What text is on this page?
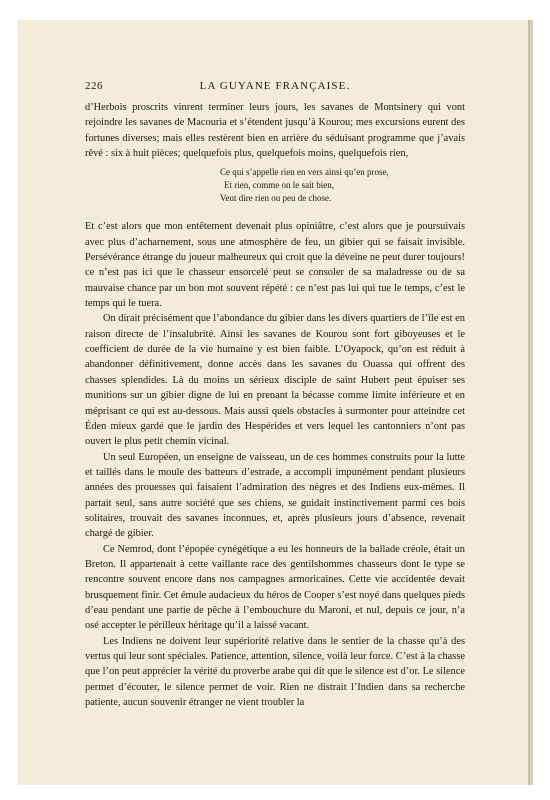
226	LA GUYANE FRANÇAISE.

d’Herbois proscrits vinrent terminer leurs jours, les savanes de Montsinery qui vont rejoindre les savanes de Macouria et s’étendent jusqu’à Kourou; mes excursions eurent des fortunes diverses; mais elles restèrent bien en arrière du séduisant programme que j’avais rêvé : six à huit pièces; quelquefois plus, quelquefois moins, quelquefois rien,

Ce qui s’appelle rien en vers ainsi qu’en prose,
Et rien, comme on le sait bien,
Veut dire rien ou peu de chose.

Et c’est alors que mon entêtement devenait plus opiniâtre, c’est alors que je poursuivais avec plus d’acharnement, sous une atmosphère de feu, un gibier qui se faisait invisible. Persévérance étrange du joueur malheureux qui croit que la déveine ne peut durer toujours! ce n’est pas ici que le chasseur ensorcelé peut se consoler de sa maladresse ou de sa mauvaise chance par un bon mot souvent répété : ce n’est pas lui qui tue le temps, c’est le temps qui le tuera.

On dirait précisément que l’abondance du gibier dans les divers quartiers de l’île est en raison directe de l’insalubrité. Ainsi les savanes de Kourou sont fort giboyeuses et le coefficient de durée de la vie humaine y est bien faible. L’Oyapock, qu’on est réduit à abandonner définitivement, donne accès dans les savanes du Ouassa qui offrent des chasses splendides. Là du moins un sérieux disciple de saint Hubert peut épuiser ses munitions sur un gibier digne de lui en prenant la bécasse comme limite inférieure et en méprisant ce qui est au-dessous. Mais aussi quels obstacles à surmonter pour atteindre cet Éden mieux gardé que le jardin des Hespérides et vers lequel les cantonniers n’ont pas ouvert le plus petit chemin vicinal.

Un seul Européen, un enseigne de vaisseau, un de ces hommes construits pour la lutte et taillés dans le moule des batteurs d’estrade, a accompli impunément pendant plusieurs années des prouesses qui faisaient l’admiration des nègres et des Indiens eux-mêmes. Il partait seul, sans autre société que ses chiens, se guidait instinctivement parmi ces bois solitaires, trouvait des savanes inconnues, et, après plusieurs jours d’absence, revenait chargé de gibier.

Ce Nemrod, dont l’épopée cynégétique a eu les honneurs de la ballade créole, était un Breton. Il appartenait à cette vaillante race des gentilshommes chasseurs dont le type se rencontre souvent encore dans nos campagnes armoricaines. Cette vie accidentée devait brusquement finir. Cet émule audacieux du héros de Cooper s’est noyé dans quelques pieds d’eau pendant une partie de pêche à l’embouchure du Maroni, et nul, depuis ce jour, n’a osé accepter le périlleux héritage qu’il a laissé vacant.

Les Indiens ne doivent leur supériorité relative dans le sentier de la chasse qu’à des vertus qui leur sont spéciales. Patience, attention, silence, voilà leur force. C’est à la chasse que l’on peut apprécier la vérité du proverbe arabe qui dit que le silence est d’or. Le silence permet d’écouter, le silence permet de voir. Rien ne distrait l’Indien dans sa recherche patiente, aucun souvenir étranger ne vient troubler la
